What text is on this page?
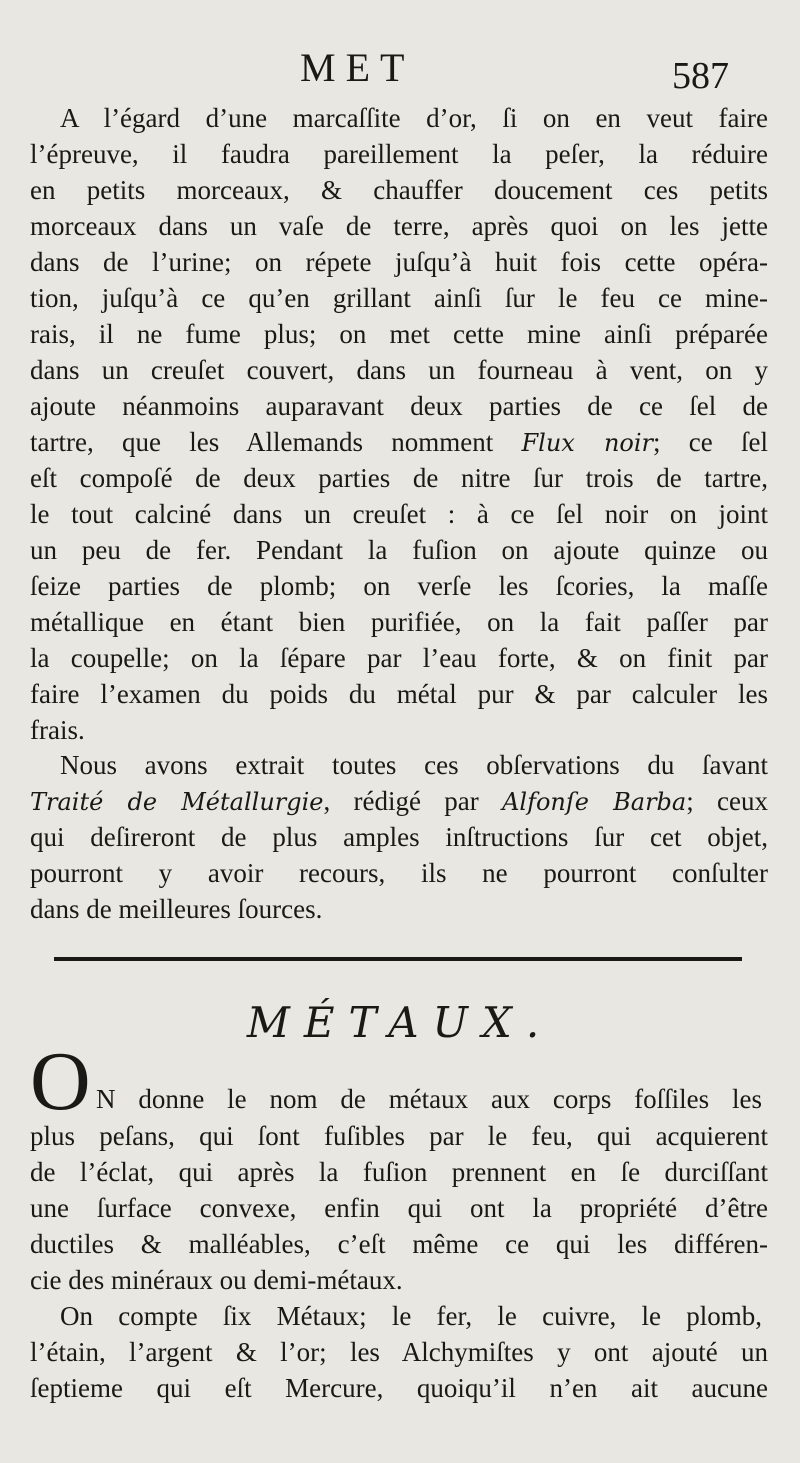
MET	587
A l’égard d’une marcaſſite d’or, ſi on en veut faire
l’épreuve, il faudra pareillement la peſer, la réduire
en petits morceaux, & chauffer doucement ces petits
morceaux dans un vaſe de terre, après quoi on les jette
dans de l’urine; on répete juſqu’à huit fois cette opéra-
tion, juſqu’à ce qu’en grillant ainſi ſur le feu ce mine-
rais, il ne fume plus; on met cette mine ainſi préparée
dans un creuſet couvert, dans un fourneau à vent, on y
ajoute néanmoins auparavant deux parties de ce ſel de
tartre, que les Allemands nomment Flux noir; ce ſel
eſt compoſé de deux parties de nitre ſur trois de tartre,
le tout calciné dans un creuſet : à ce ſel noir on joint
un peu de fer. Pendant la fuſion on ajoute quinze ou
ſeize parties de plomb; on verſe les ſcories, la maſſe
métallique en étant bien purifiée, on la fait paſſer par
la coupelle; on la ſépare par l’eau forte, & on finit par
faire l’examen du poids du métal pur & par calculer les
frais.
Nous avons extrait toutes ces obſervations du ſavant
Traité de Métallurgie, rédigé par Alfonſe Barba; ceux
qui deſireront de plus amples inſtructions ſur cet objet,
pourront y avoir recours, ils ne pourront conſulter
dans de meilleures ſources.
MÉTAUX.
O N donne le nom de métaux aux corps foſſiles les
plus peſans, qui ſont fuſibles par le feu, qui acquierent
de l’éclat, qui après la fuſion prennent en ſe durciſſant
une ſurface convexe, enfin qui ont la propriété d’être
ductiles & malléables, c’eſt même ce qui les différen-
cie des minéraux ou demi-métaux.
On compte ſix Métaux; le fer, le cuivre, le plomb,
l’étain, l’argent & l’or; les Alchymiſtes y ont ajouté un
ſeptieme qui eſt Mercure, quoiqu’il n’en ait aucune
